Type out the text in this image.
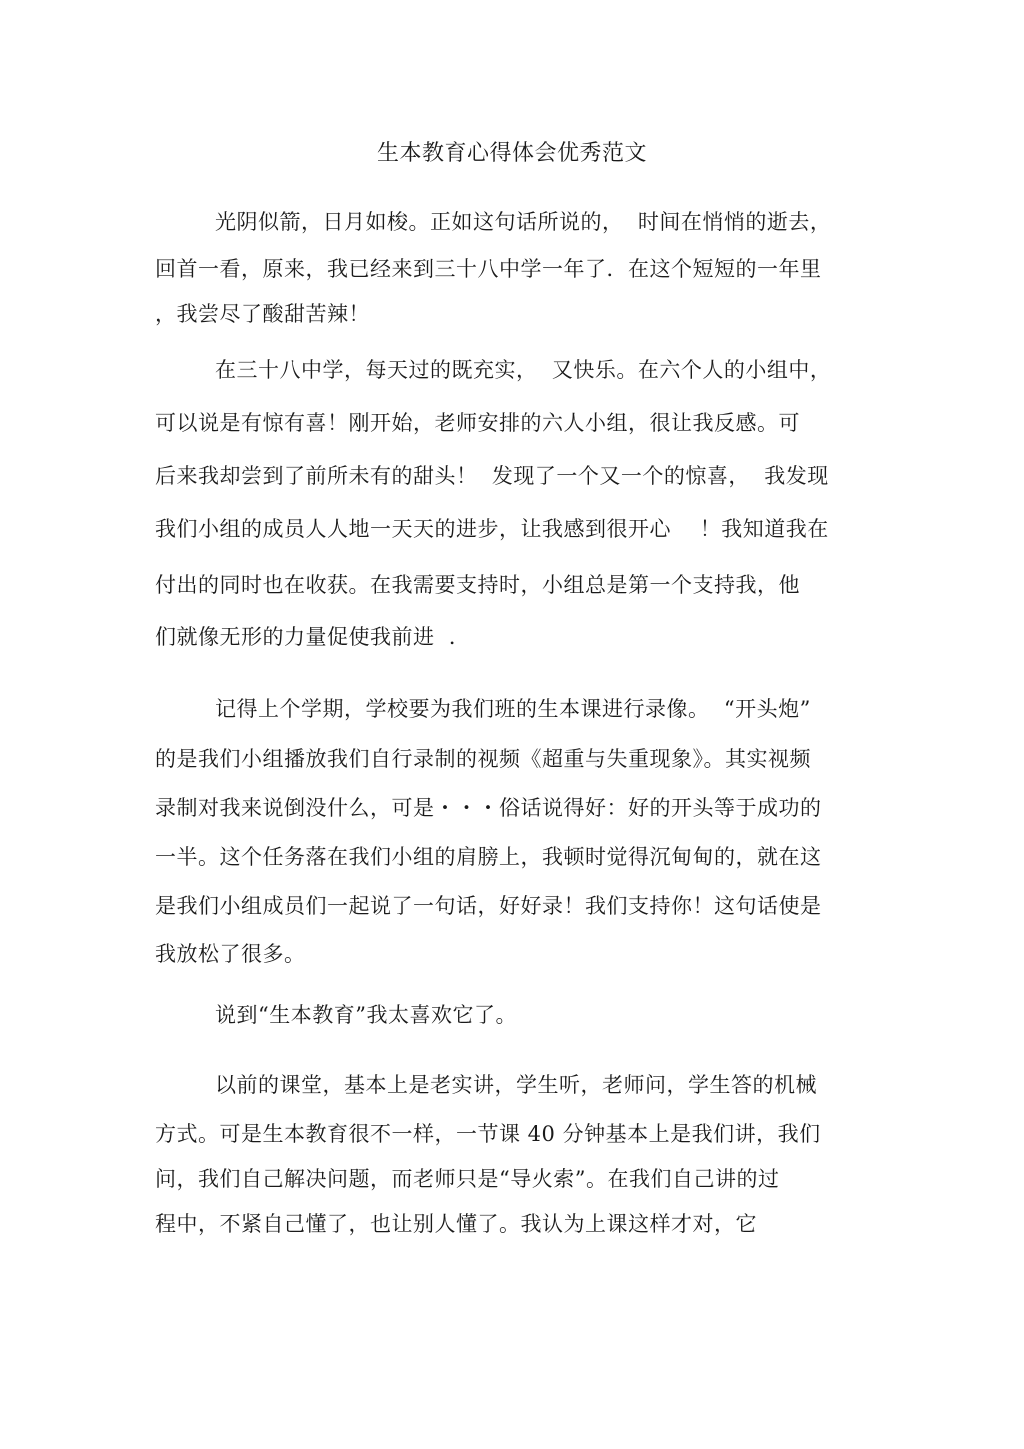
生本教育心得体会优秀范文
光阴似箭，日月如梭。正如这句话所说的，  时间在悄悄的逝去，
回首一看，原来，我已经来到三十八中学一年了．在这个短短的一年里
，我尝尽了酸甜苦辣！
在三十八中学，每天过的既充实，  又快乐。在六个人的小组中，
可以说是有惊有喜！刚开始，老师安排的六人小组，很让我反感。可
后来我却尝到了前所未有的甜头！  发现了一个又一个的惊喜，  我发现
我们小组的成员人人地一天天的进步，让我感到很开心    ！我知道我在
付出的同时也在收获。在我需要支持时，小组总是第一个支持我，他
们就像无形的力量促使我前进  ．
记得上个学期，学校要为我们班的生本课进行录像。  “开头炮”
的是我们小组播放我们自行录制的视频《超重与失重现象》。其实视频
录制对我来说倒没什么，可是・・・俗话说得好：好的开头等于成功的
一半。这个任务落在我们小组的肩膀上，我顿时觉得沉甸甸的，就在这
是我们小组成员们一起说了一句话，好好录！我们支持你！这句话使是
我放松了很多。
说到“生本教育”我太喜欢它了。
以前的课堂，基本上是老实讲，学生听，老师问，学生答的机械
方式。可是生本教育很不一样，一节课 40 分钟基本上是我们讲，我们
问，我们自己解决问题，而老师只是“导火索”。在我们自己讲的过
程中，不紧自己懂了，也让别人懂了。我认为上课这样才对，它
